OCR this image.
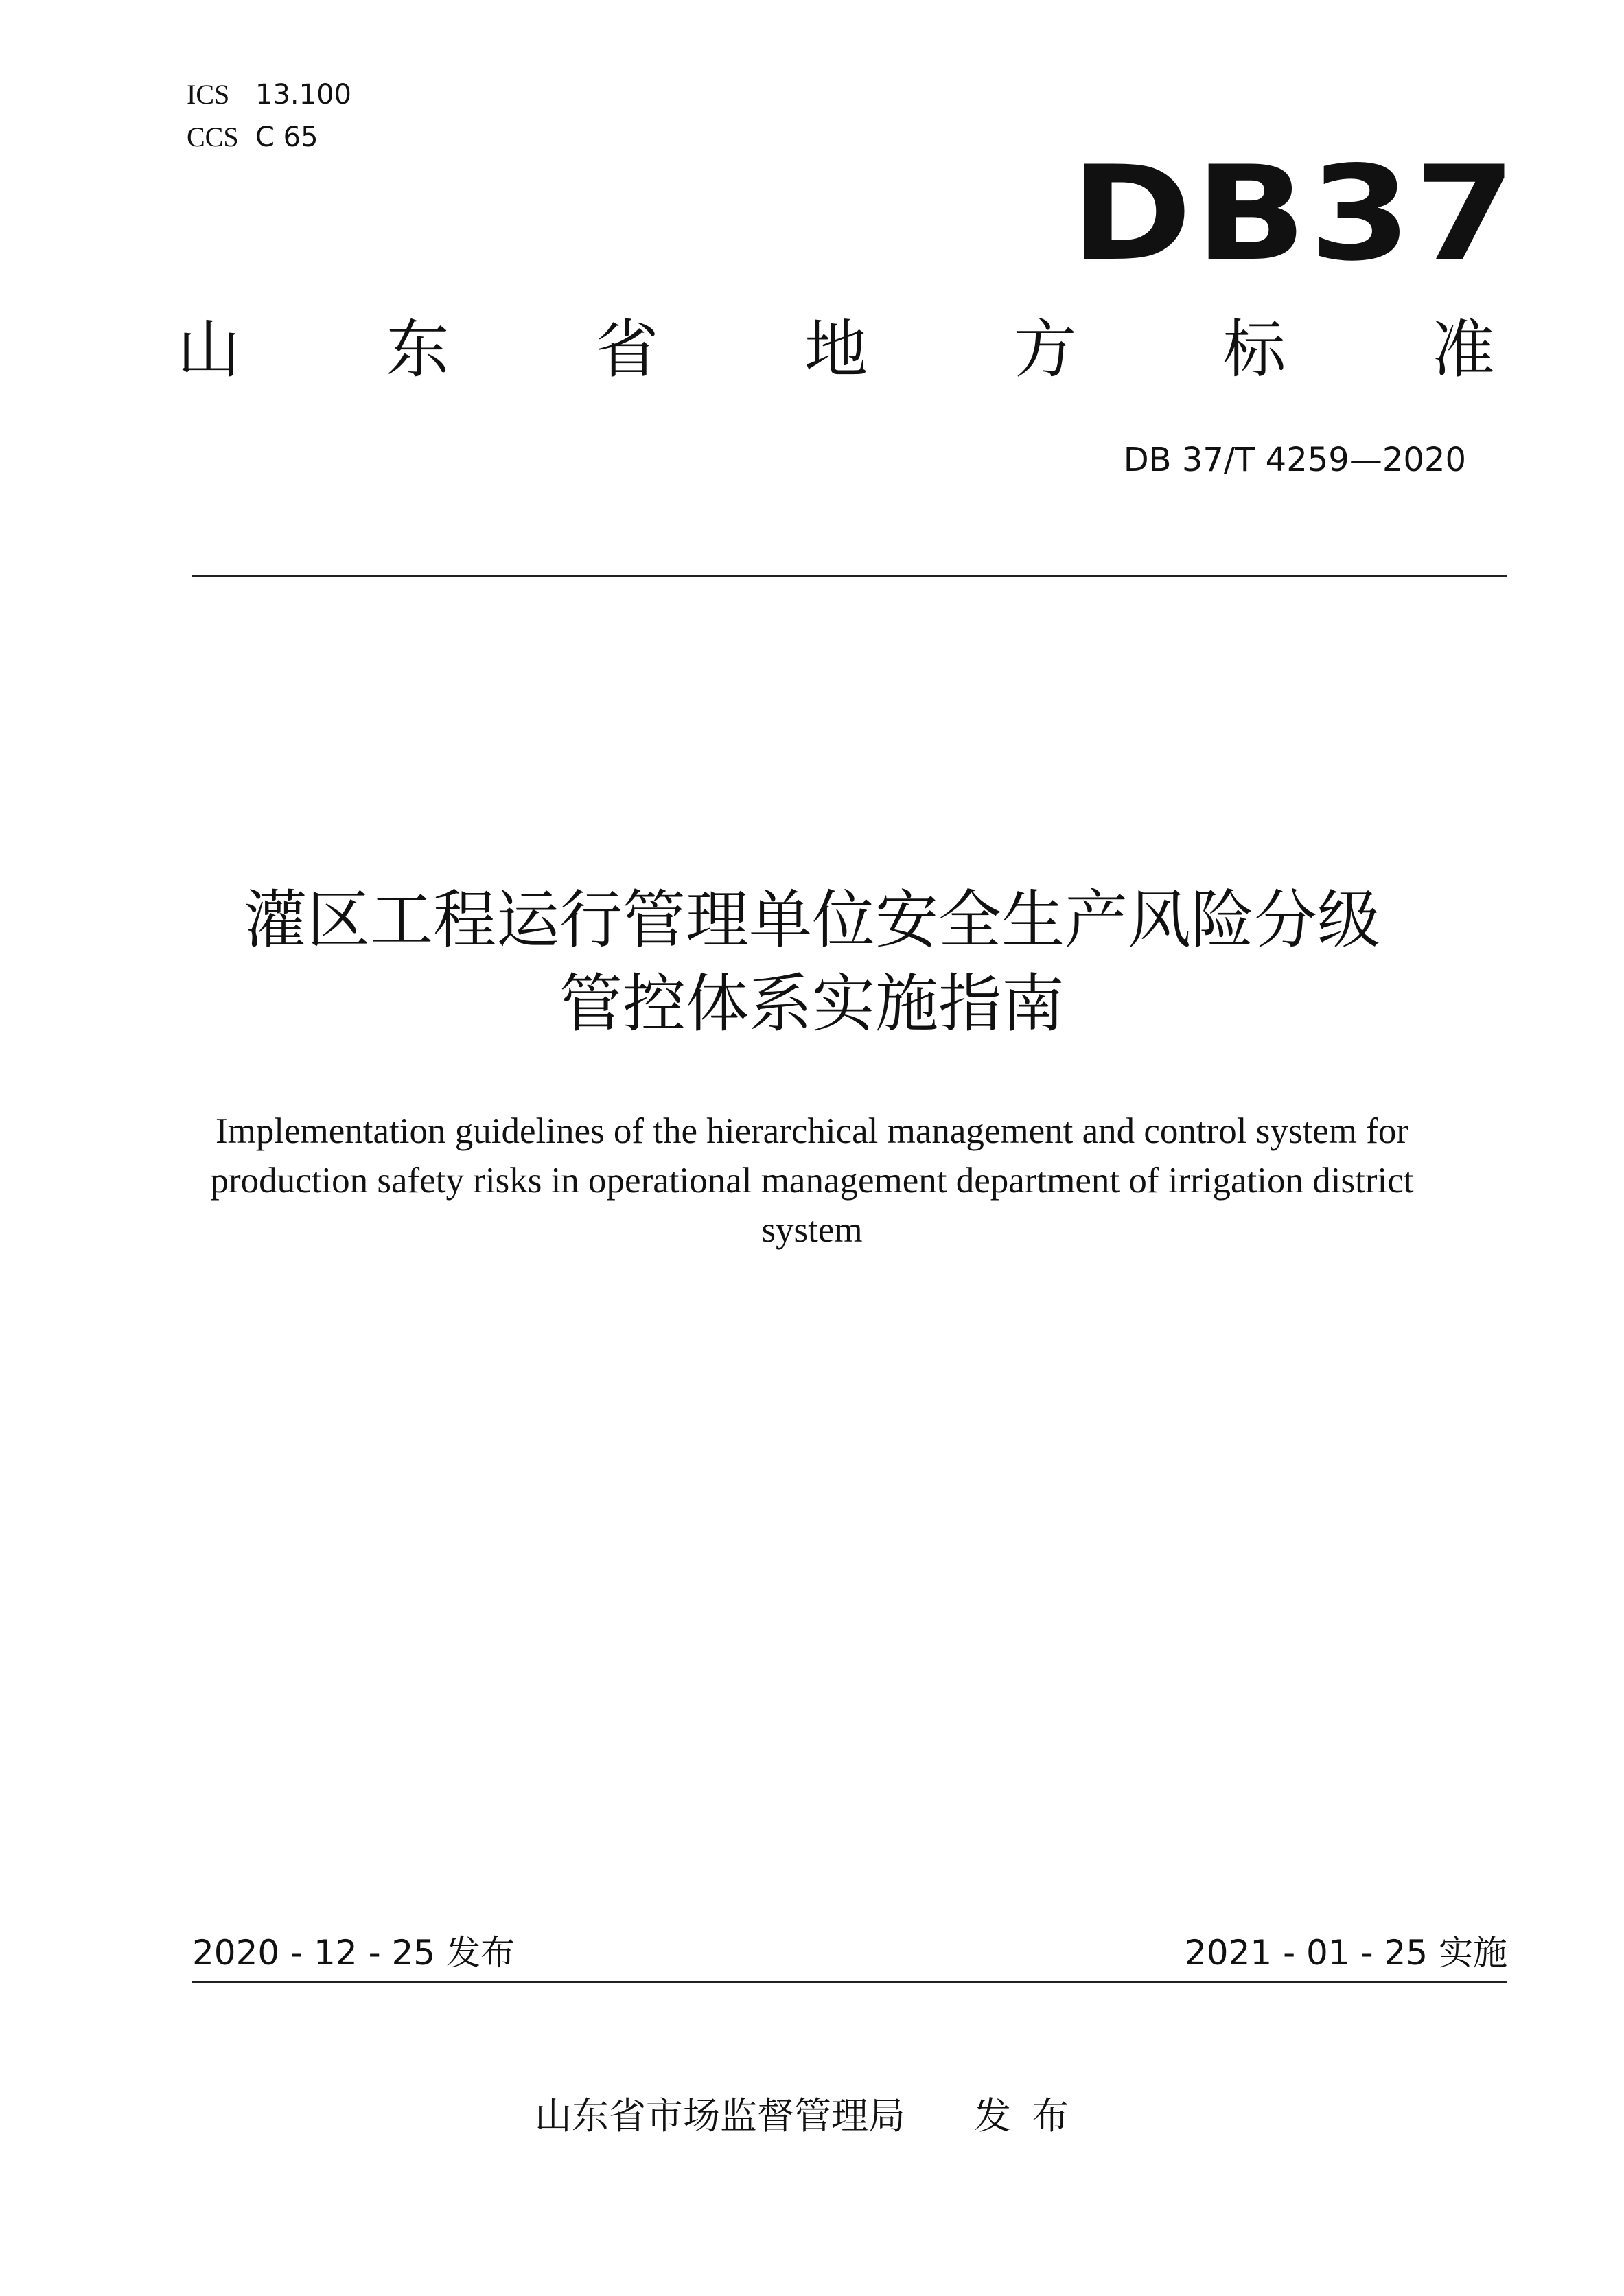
ICS 13.100
CCS C 65
DB37
山 东 省 地 方 标 准
DB 37/T 4259—2020
灌区工程运行管理单位安全生产风险分级
管控体系实施指南
Implementation guidelines of the hierarchical management and control system for
production safety risks in operational management department of irrigation district
system
2020 - 12 - 25 发布	2021 - 01 - 25 实施
山东省市场监督管理局 发布
